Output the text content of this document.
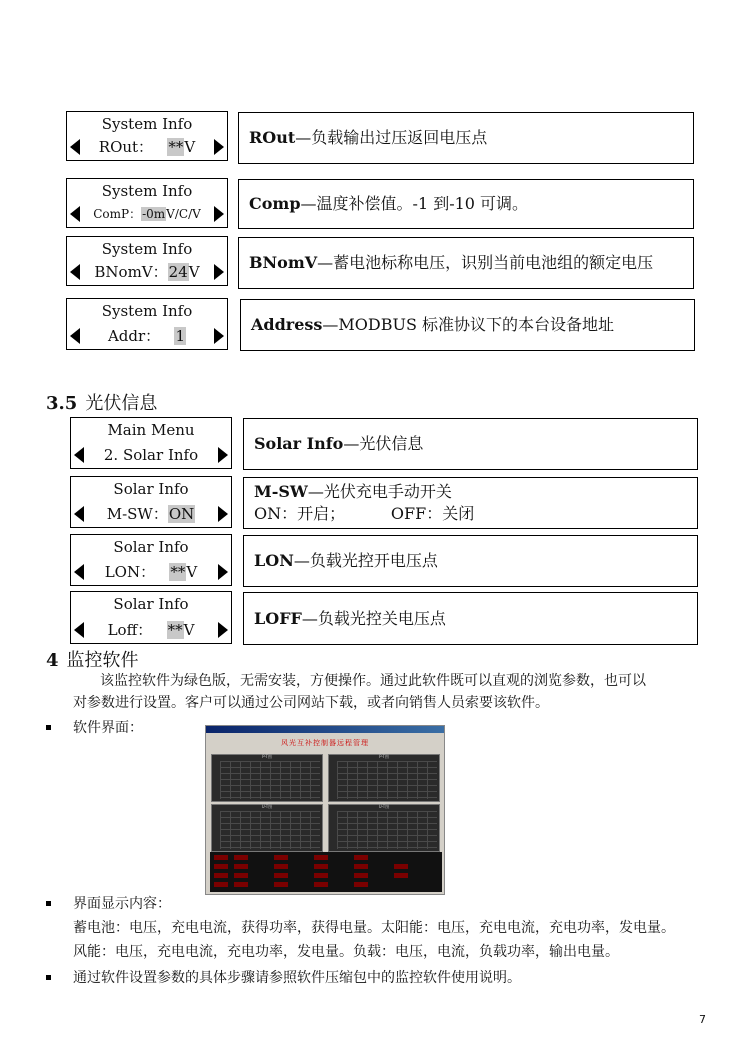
System Info
ROut： **V	ROut—负载输出过压返回电压点
System Info
ComP：-0mV/C/V
Comp—温度补偿值。-1 到-10 可调。
System Info
BNomV：24V	BNomV—蓄电池标称电压，识别当前电池组的额定电压
System Info
Addr： 1
Address—MODBUS 标准协议下的本台设备地址
3.5 光伏信息
Main Menu
2. Solar Info
Solar Info—光伏信息
Solar Info
M-SW：ON
M-SW—光伏充电手动开关
ON：开启；         OFF：关闭
Solar Info
LON： **V
LON—负载光控开电压点
Solar Info
Loff： **V
LOFF—负载光控关电压点
4 监控软件
该监控软件为绿色版，无需安装，方便操作。通过此软件既可以直观的浏览参数，也可以
对参数进行设置。客户可以通过公司网站下载，或者向销售人员索要该软件。
软件界面：
风光互补控制器远程管理
P-T图	P-T图
U-T图	U-T图
界面显示内容：
蓄电池：电压，充电电流，获得功率，获得电量。太阳能：电压，充电电流，充电功率，发电量。
风能：电压，充电电流，充电功率，发电量。负载：电压，电流，负载功率，输出电量。
通过软件设置参数的具体步骤请参照软件压缩包中的监控软件使用说明。
7
